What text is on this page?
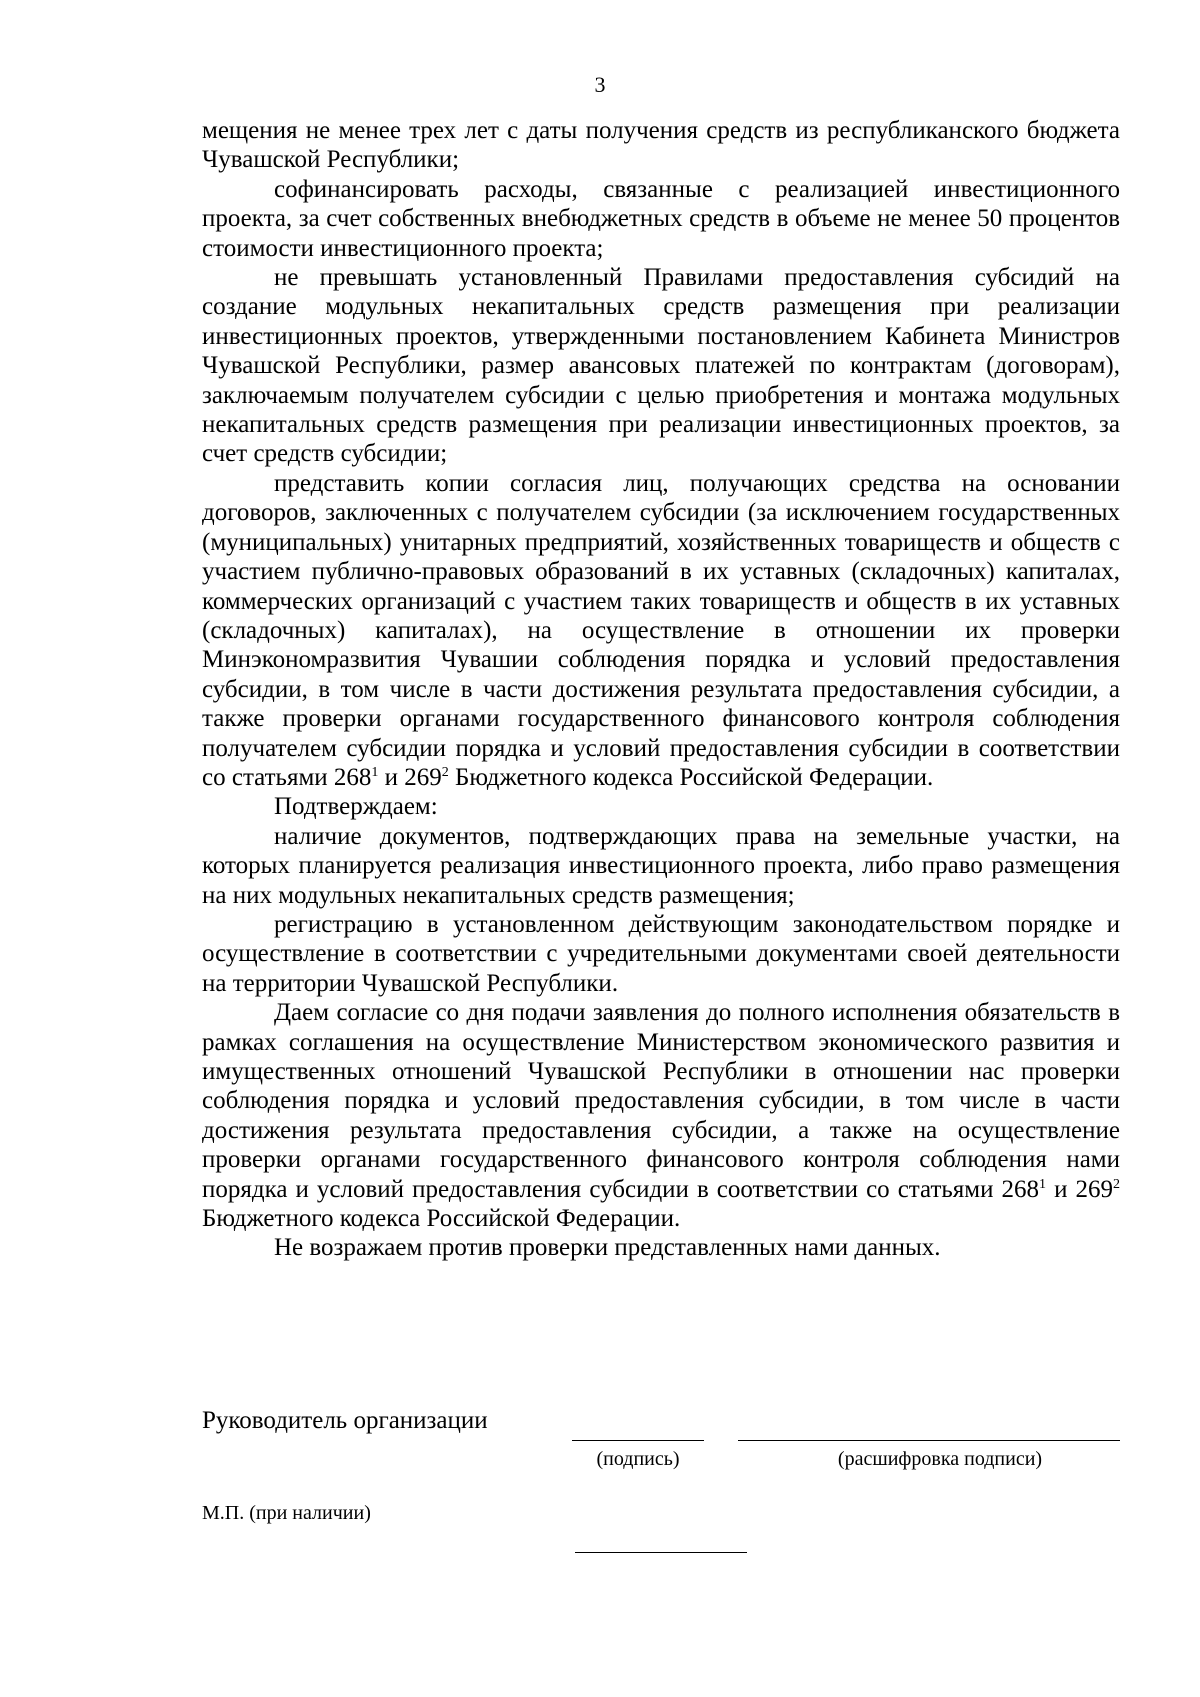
3

мещения не менее трех лет с даты получения средств из республиканского бюджета Чувашской Республики;

софинансировать расходы, связанные с реализацией инвестиционного проекта, за счет собственных внебюджетных средств в объеме не менее 50 процентов стоимости инвестиционного проекта;

не превышать установленный Правилами предоставления субсидий на создание модульных некапитальных средств размещения при реализации инвестиционных проектов, утвержденными постановлением Кабинета Министров Чувашской Республики, размер авансовых платежей по контрактам (договорам), заключаемым получателем субсидии с целью приобретения и монтажа модульных некапитальных средств размещения при реализации инвестиционных проектов, за счет средств субсидии;

представить копии согласия лиц, получающих средства на основании договоров, заключенных с получателем субсидии (за исключением государственных (муниципальных) унитарных предприятий, хозяйственных товариществ и обществ с участием публично-правовых образований в их уставных (складочных) капиталах, коммерческих организаций с участием таких товариществ и обществ в их уставных (складочных) капиталах), на осуществление в отношении их проверки Минэкономразвития Чувашии соблюдения порядка и условий предоставления субсидии, в том числе в части достижения результата предоставления субсидии, а также проверки органами государственного финансового контроля соблюдения получателем субсидии порядка и условий предоставления субсидии в соответствии со статьями $268^1$ и $269^2$ Бюджетного кодекса Российской Федерации.

Подтверждаем:

наличие документов, подтверждающих права на земельные участки, на которых планируется реализация инвестиционного проекта, либо право размещения на них модульных некапитальных средств размещения;

регистрацию в установленном действующим законодательством порядке и осуществление в соответствии с учредительными документами своей деятельности на территории Чувашской Республики.

Даем согласие со дня подачи заявления до полного исполнения обязательств в рамках соглашения на осуществление Министерством экономического развития и имущественных отношений Чувашской Республики в отношении нас проверки соблюдения порядка и условий предоставления субсидии, в том числе в части достижения результата предоставления субсидии, а также на осуществление проверки органами государственного финансового контроля соблюдения нами порядка и условий предоставления субсидии в соответствии со статьями $268^1$ и $269^2$ Бюджетного кодекса Российской Федерации.

Не возражаем против проверки представленных нами данных.

Руководитель организации
(подпись)	(расшифровка подписи)
М.П. (при наличии)
